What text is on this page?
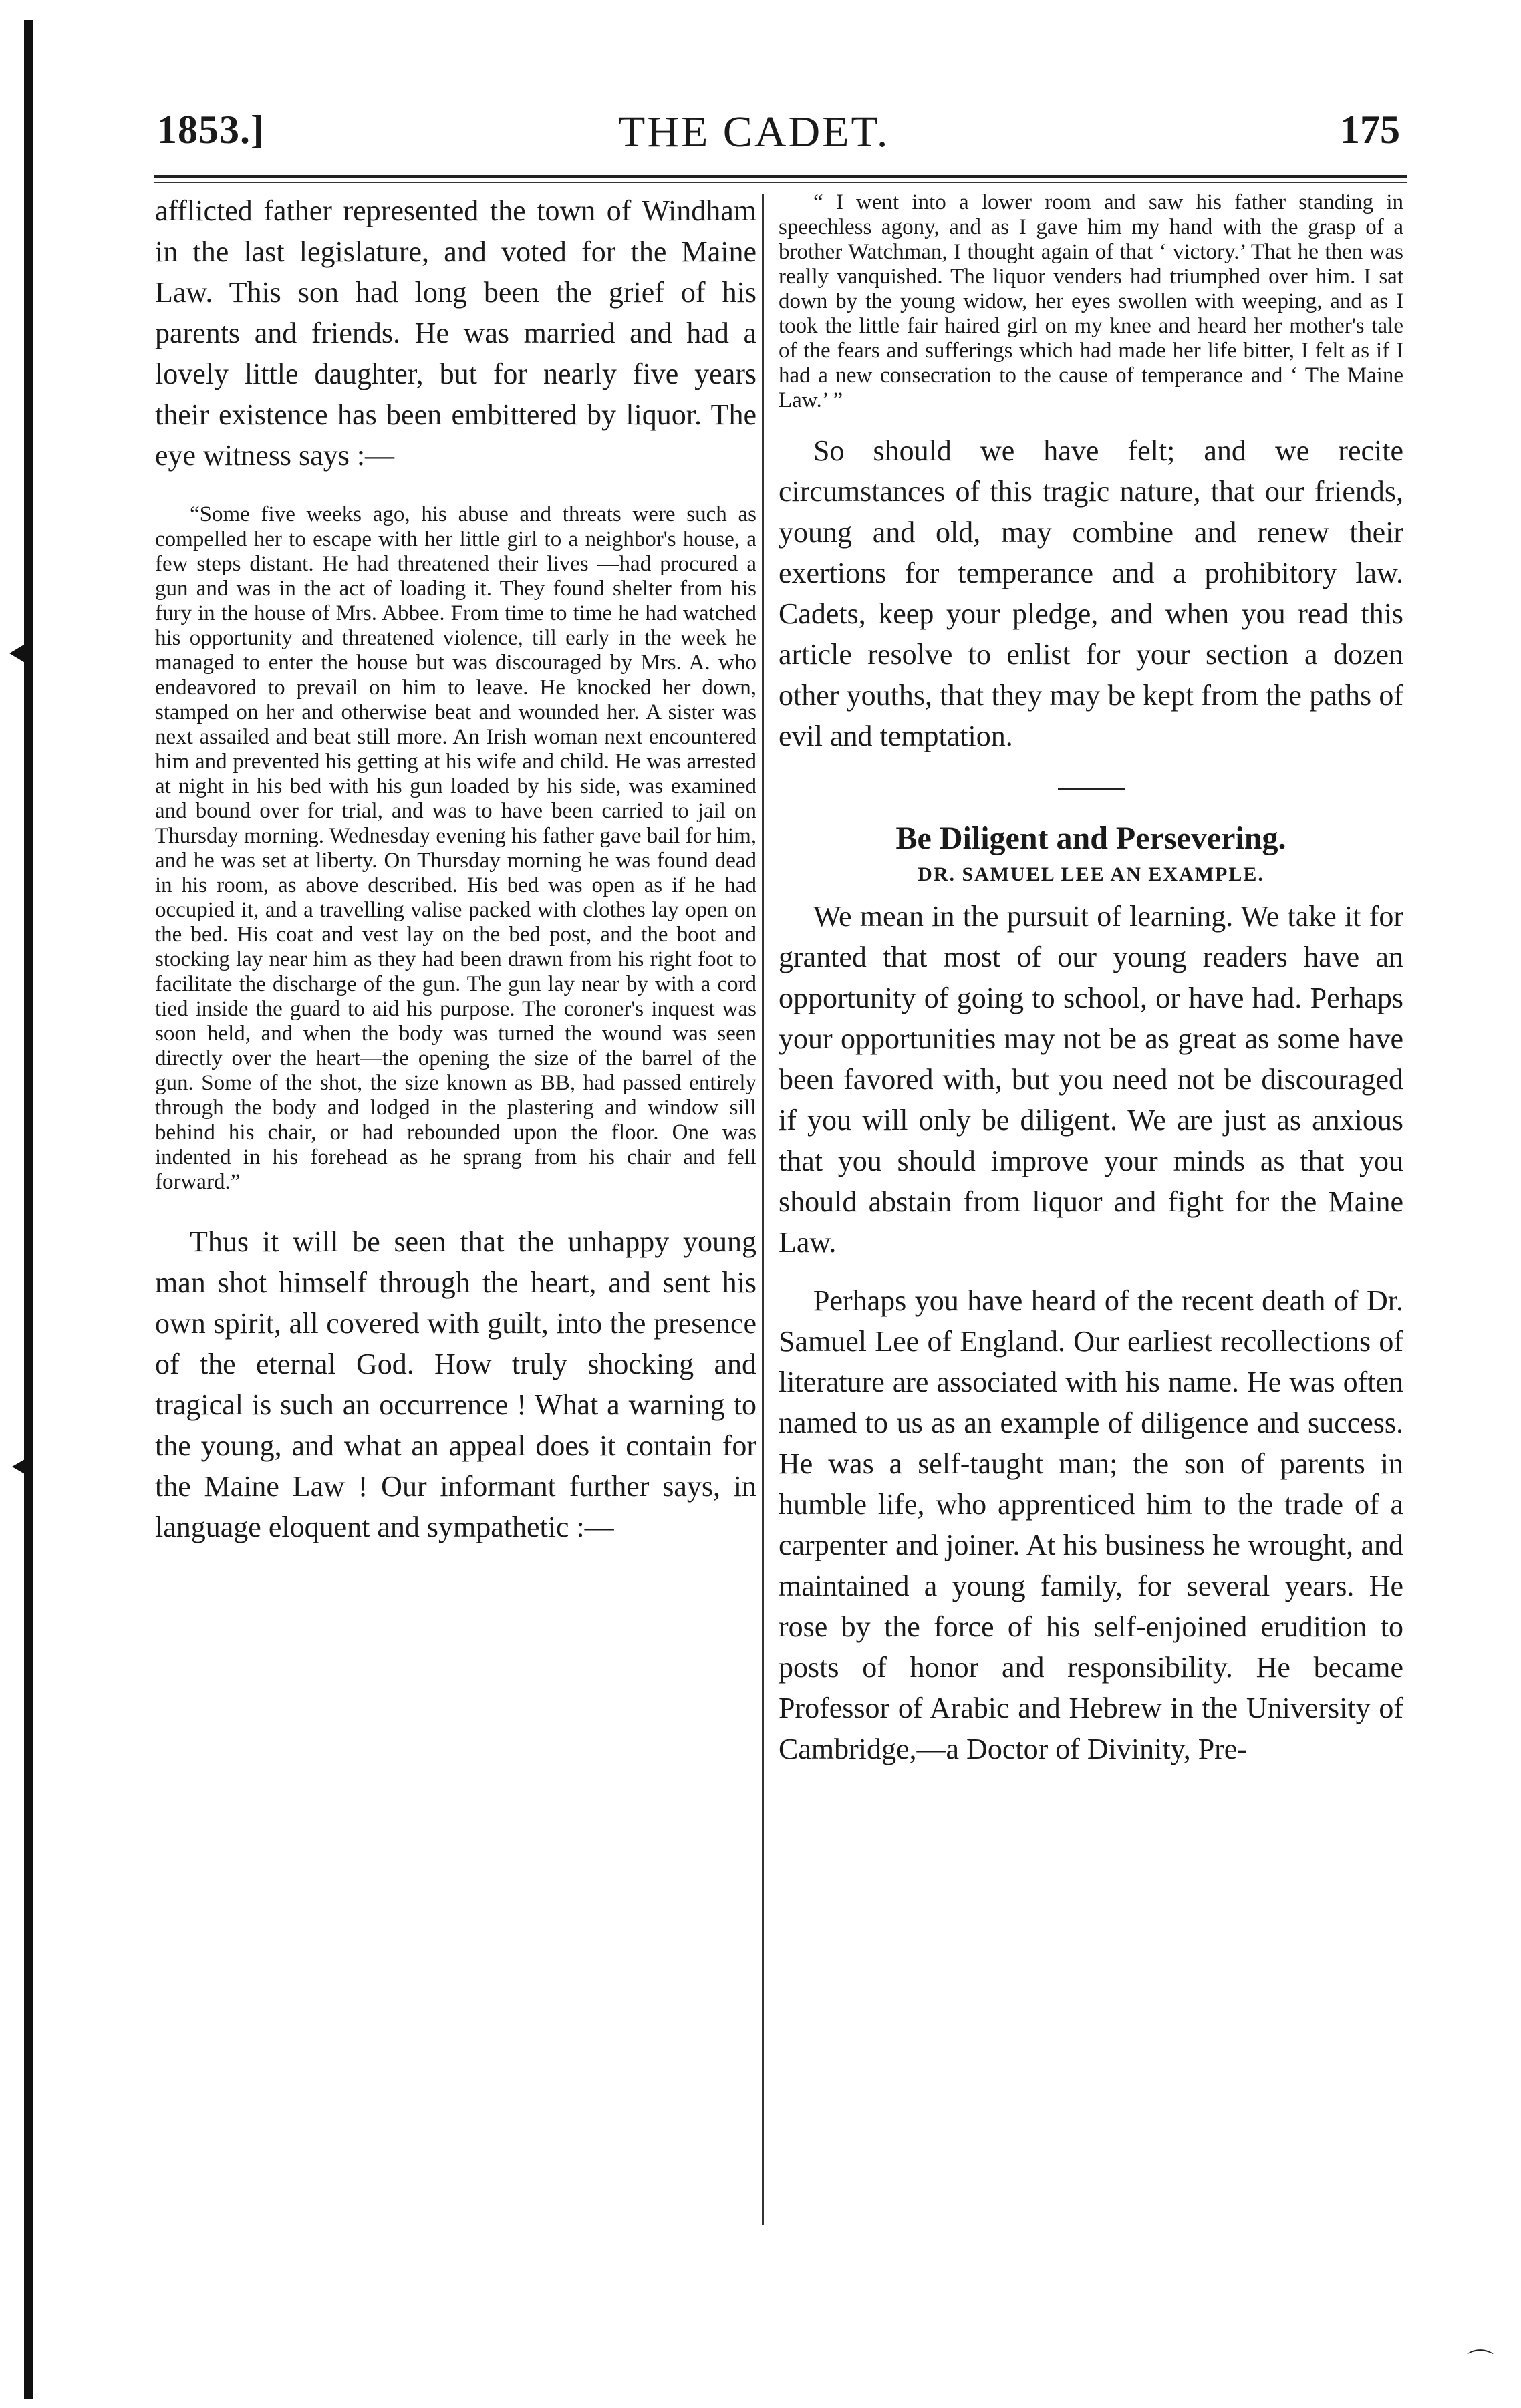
1853.]	THE CADET.	175

afflicted father represented the town of Windham in the last legislature, and voted for the Maine Law. This son had long been the grief of his parents and friends. He was married and had a lovely little daughter, but for nearly five years their existence has been embittered by liquor. The eye witness says :—

“Some five weeks ago, his abuse and threats were such as compelled her to escape with her little girl to a neighbor's house, a few steps distant. He had threatened their lives —had procured a gun and was in the act of loading it. They found shelter from his fury in the house of Mrs. Abbee. From time to time he had watched his opportunity and threatened violence, till early in the week he managed to enter the house but was discouraged by Mrs. A. who endeavored to prevail on him to leave. He knocked her down, stamped on her and otherwise beat and wounded her. A sister was next assailed and beat still more. An Irish woman next encountered him and prevented his getting at his wife and child. He was arrested at night in his bed with his gun loaded by his side, was examined and bound over for trial, and was to have been carried to jail on Thursday morning. Wednesday evening his father gave bail for him, and he was set at liberty. On Thursday morning he was found dead in his room, as above described. His bed was open as if he had occupied it, and a travelling valise packed with clothes lay open on the bed. His coat and vest lay on the bed post, and the boot and stocking lay near him as they had been drawn from his right foot to facilitate the discharge of the gun. The gun lay near by with a cord tied inside the guard to aid his purpose. The coroner's inquest was soon held, and when the body was turned the wound was seen directly over the heart—the opening the size of the barrel of the gun. Some of the shot, the size known as BB, had passed entirely through the body and lodged in the plastering and window sill behind his chair, or had rebounded upon the floor. One was indented in his forehead as he sprang from his chair and fell forward.”

Thus it will be seen that the unhappy young man shot himself through the heart, and sent his own spirit, all covered with guilt, into the presence of the eternal God. How truly shocking and tragical is such an occurrence ! What a warning to the young, and what an appeal does it contain for the Maine Law ! Our informant further says, in language eloquent and sympathetic :—

“ I went into a lower room and saw his father standing in speechless agony, and as I gave him my hand with the grasp of a brother Watchman, I thought again of that ‘ victory.’ That he then was really vanquished. The liquor venders had triumphed over him. I sat down by the young widow, her eyes swollen with weeping, and as I took the little fair haired girl on my knee and heard her mother's tale of the fears and sufferings which had made her life bitter, I felt as if I had a new consecration to the cause of temperance and ‘ The Maine Law.’ ”

So should we have felt; and we recite circumstances of this tragic nature, that our friends, young and old, may combine and renew their exertions for temperance and a prohibitory law. Cadets, keep your pledge, and when you read this article resolve to enlist for your section a dozen other youths, that they may be kept from the paths of evil and temptation.

Be Diligent and Persevering.
DR. SAMUEL LEE AN EXAMPLE.

We mean in the pursuit of learning. We take it for granted that most of our young readers have an opportunity of going to school, or have had. Perhaps your opportunities may not be as great as some have been favored with, but you need not be discouraged if you will only be diligent. We are just as anxious that you should improve your minds as that you should abstain from liquor and fight for the Maine Law.

Perhaps you have heard of the recent death of Dr. Samuel Lee of England. Our earliest recollections of literature are associated with his name. He was often named to us as an example of diligence and success. He was a self-taught man; the son of parents in humble life, who apprenticed him to the trade of a carpenter and joiner. At his business he wrought, and maintained a young family, for several years. He rose by the force of his self-enjoined erudition to posts of honor and responsibility. He became Professor of Arabic and Hebrew in the University of Cambridge,—a Doctor of Divinity, Pre-

⌒
